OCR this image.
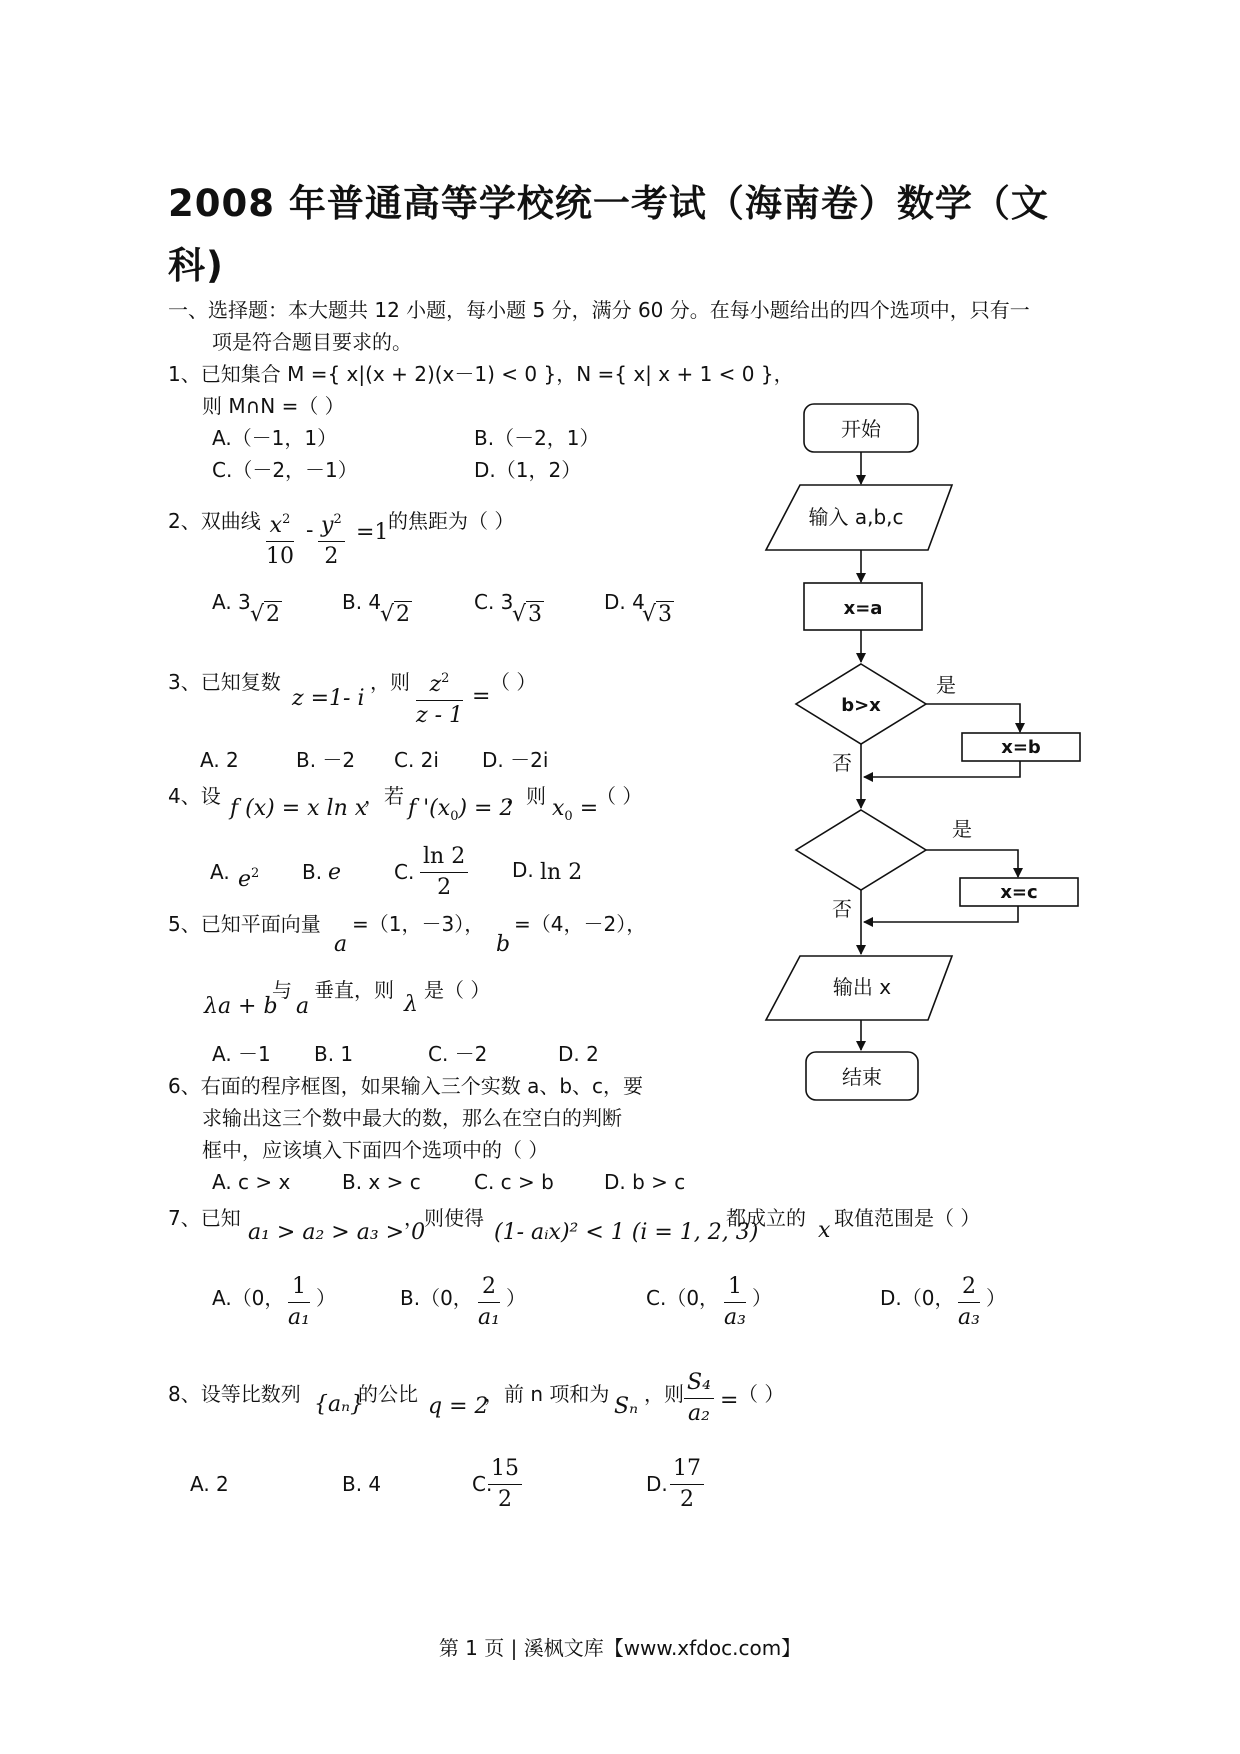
2008 年普通高等学校统一考试（海南卷）数学（文
科)
一、选择题：本大题共 12 小题，每小题 5 分，满分 60 分。在每小题给出的四个选项中，只有一
项是符合题目要求的。
1、已知集合 M ={ x|(x + 2)(x－1) < 0 }，N ={ x| x + 1 < 0 }，
则 M∩N =（ ）
A.（－1，1）	B.（－2，1）
C.（－2，－1）	D.（1，2）
2、双曲线 $\frac{x^2}{10} - \frac{y^2}{2} =1$ 的焦距为（ ）
A. 3 √2	B. 4
√2	C. 3
√3	D. 4
√3
3、已知复数
z =1- i
，则 $\frac{z^2}{z - 1}$ =
（ ）
A. 2	B. －2 C. 2i D. －2i
4、设 f (x) = x ln x
，若 f '$(x_0) = 2$
，则 $x_0$ =
（ ）
A. $e^2$ B. e	C. $\frac{\ln 2}{2} D$. ln 2
5、已知平面向量
a
=（1，－3），
b
=（4，－2），
λa + b
与
a
垂直，则
λ
是（ ）
A. －1 B. 1	C. －2	D. 2
6、右面的程序框图，如果输入三个实数 a、b、c，要
求输出这三个数中最大的数，那么在空白的判断
框中，应该填入下面四个选项中的（ ）
A. c > x	B. x > c	C. c > b	D. b > c
7、已知
a₁ > a₂ > a₃ > 0
，则使得
(1- aᵢx)² < 1 (i = 1, 2, 3)
都成立的 x 取值范围是（ ）
A.（0， $\frac{1}{\text{a₁}}$ ）	B.（0， $\frac{2}{\text{a₁}}$ ）	C.（0， $\frac{1}{\text{a₃}}$ ）	D.（0， $\frac{2}{\text{a₃}}$ ）
8、设等比数列 {aₙ}
的公比 q = 2
，前 n 项和为 Sₙ ，则 $\frac{\text{S₄}}{\text{a₂}}$ = （ ）
A. 2	B. 4	C.
$\frac{15}{2}$	D. $\frac{17}{2}$
开始
输入 a,b,c
x=a
b>x
是
x=b
否
是
x=c
否
输出 x
结束
第 1 页 | 溪枫文库【www.xfdoc.com】
